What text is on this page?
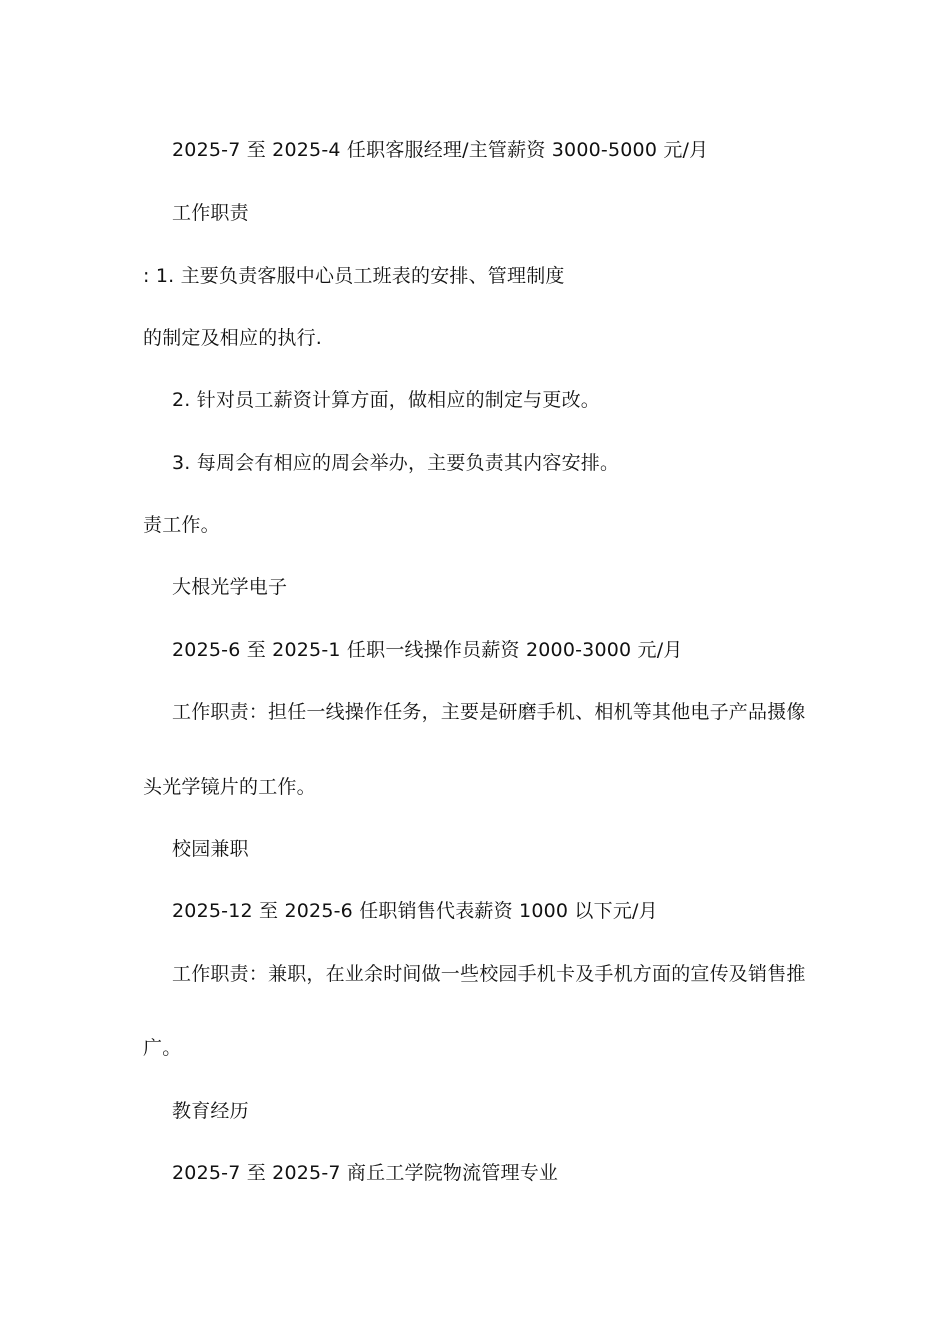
2025-7 至 2025-4 任职客服经理/主管薪资 3000-5000 元/月
工作职责
: 1. 主要负责客服中心员工班表的安排、管理制度
的制定及相应的执行.
2. 针对员工薪资计算方面，做相应的制定与更改。
3. 每周会有相应的周会举办，主要负责其内容安排。
责工作。
大根光学电子
2025-6 至 2025-1 任职一线操作员薪资 2000-3000 元/月
工作职责：担任一线操作任务，主要是研磨手机、相机等其他电子产品摄像
头光学镜片的工作。
校园兼职
2025-12 至 2025-6 任职销售代表薪资 1000 以下元/月
工作职责：兼职，在业余时间做一些校园手机卡及手机方面的宣传及销售推
广。
教育经历
2025-7 至 2025-7 商丘工学院物流管理专业
